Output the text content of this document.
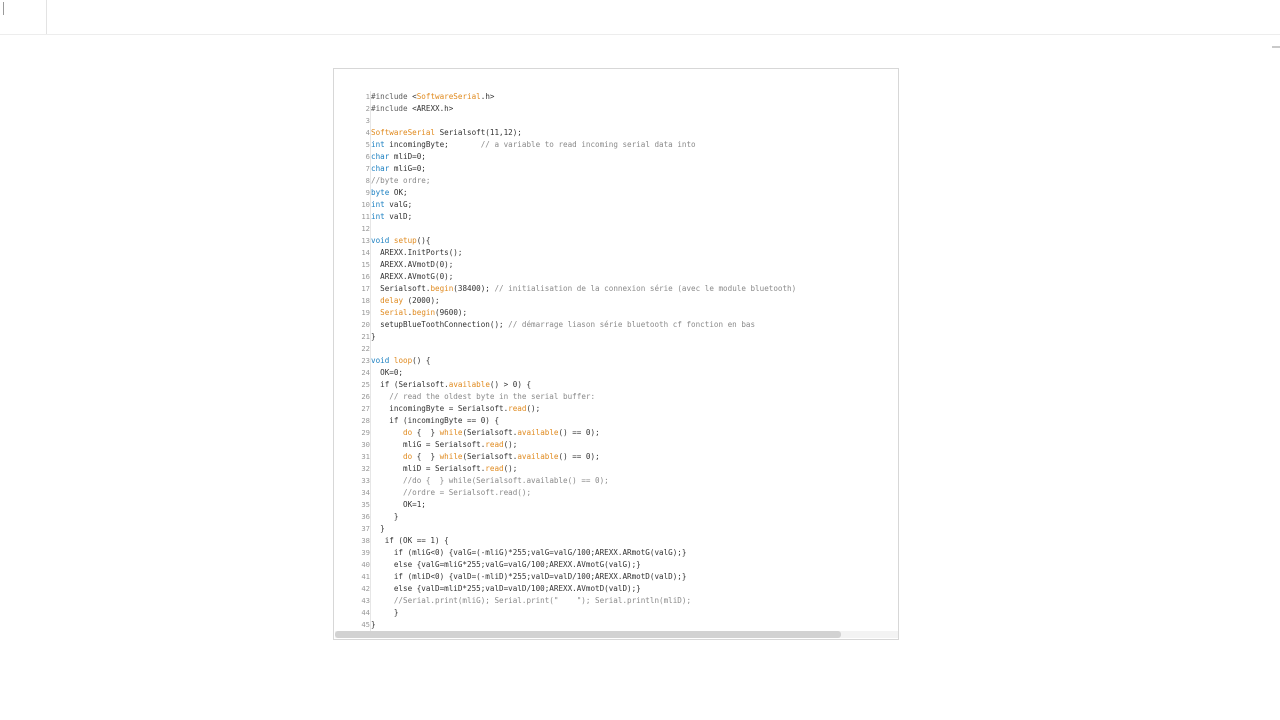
1		#include <SoftwareSerial.h>
2		#include <AREXX.h>
3		
4		SoftwareSerial Serialsoft(11,12);
5		int incomingByte;       // a variable to read incoming serial data into
6		char mliD=0;
7		char mliG=0;
8		//byte ordre;
9		byte OK;
10		int valG;
11		int valD;
12		
13		void setup(){
14		AREXX.InitPorts();
15		AREXX.AVmotD(0);
16		AREXX.AVmotG(0);
17		Serialsoft.begin(38400); // initialisation de la connexion série (avec le module bluetooth)
18		delay (2000);
19		Serial.begin(9600);
20		setupBlueToothConnection(); // démarrage liason série bluetooth cf fonction en bas
21		}
22		
23		void loop() {
24		OK=0;
25		if (Serialsoft.available() > 0) {
26		// read the oldest byte in the serial buffer:
27		incomingByte = Serialsoft.read();
28		if (incomingByte == 0) {
29		do {  } while(Serialsoft.available() == 0);
30		mliG = Serialsoft.read();
31		do {  } while(Serialsoft.available() == 0);
32		mliD = Serialsoft.read();
33		//do {  } while(Serialsoft.available() == 0);
34		//ordre = Serialsoft.read();
35		OK=1;
36		}
37		}
38		if (OK == 1) {
39		if (mliG<0) {valG=(-mliG)*255;valG=valG/100;AREXX.ARmotG(valG);}
40		else {valG=mliG*255;valG=valG/100;AREXX.AVmotG(valG);}
41		if (mliD<0) {valD=(-mliD)*255;valD=valD/100;AREXX.ARmotD(valD);}
42		else {valD=mliD*255;valD=valD/100;AREXX.AVmotD(valD);}
43		//Serial.print(mliG); Serial.print("    "); Serial.println(mliD);
44		}
45		}
